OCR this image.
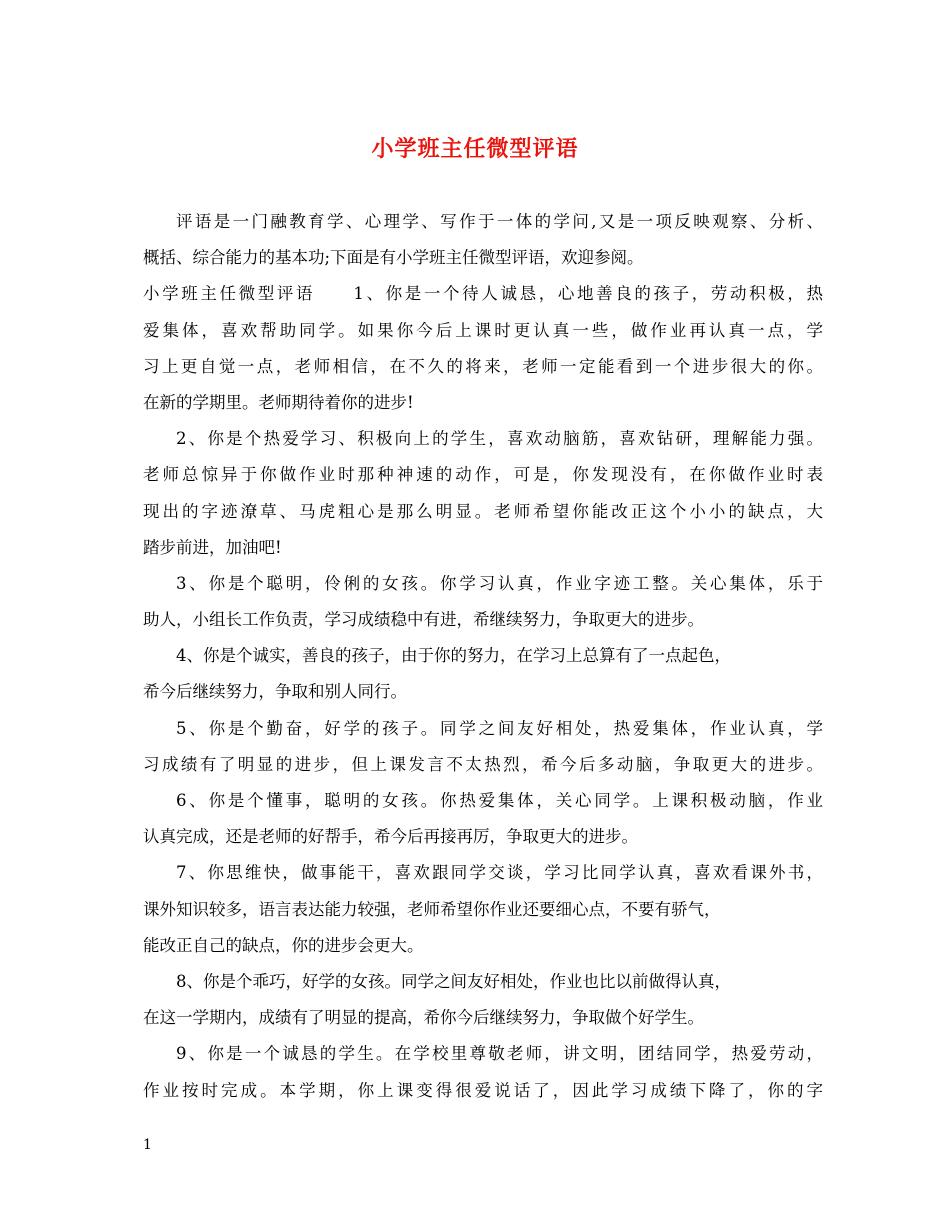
小学班主任微型评语
评语是一门融教育学、心理学、写作于一体的学问,又是一项反映观察、分析、
概括、综合能力的基本功;下面是有小学班主任微型评语，欢迎参阅。
小学班主任微型评语　　1、你是一个待人诚恳，心地善良的孩子，劳动积极，热
爱集体，喜欢帮助同学。如果你今后上课时更认真一些，做作业再认真一点，学
习上更自觉一点，老师相信，在不久的将来，老师一定能看到一个进步很大的你。
在新的学期里。老师期待着你的进步!
2、你是个热爱学习、积极向上的学生，喜欢动脑筋，喜欢钻研，理解能力强。
老师总惊异于你做作业时那种神速的动作，可是，你发现没有，在你做作业时表
现出的字迹潦草、马虎粗心是那么明显。老师希望你能改正这个小小的缺点，大
踏步前进，加油吧!
3、你是个聪明，伶俐的女孩。你学习认真，作业字迹工整。关心集体，乐于
助人，小组长工作负责，学习成绩稳中有进，希继续努力，争取更大的进步。
4、你是个诚实，善良的孩子，由于你的努力，在学习上总算有了一点起色，
希今后继续努力，争取和别人同行。
5、你是个勤奋，好学的孩子。同学之间友好相处，热爱集体，作业认真，学
习成绩有了明显的进步，但上课发言不太热烈，希今后多动脑，争取更大的进步。
6、你是个懂事，聪明的女孩。你热爱集体，关心同学。上课积极动脑，作业
认真完成，还是老师的好帮手，希今后再接再厉，争取更大的进步。
7、你思维快，做事能干，喜欢跟同学交谈，学习比同学认真，喜欢看课外书，
课外知识较多，语言表达能力较强，老师希望你作业还要细心点，不要有骄气，
能改正自己的缺点，你的进步会更大。
8、你是个乖巧，好学的女孩。同学之间友好相处，作业也比以前做得认真，
在这一学期内，成绩有了明显的提高，希你今后继续努力，争取做个好学生。
9、你是一个诚恳的学生。在学校里尊敬老师，讲文明，团结同学，热爱劳动，
作业按时完成。本学期，你上课变得很爱说话了，因此学习成绩下降了，你的字
1
